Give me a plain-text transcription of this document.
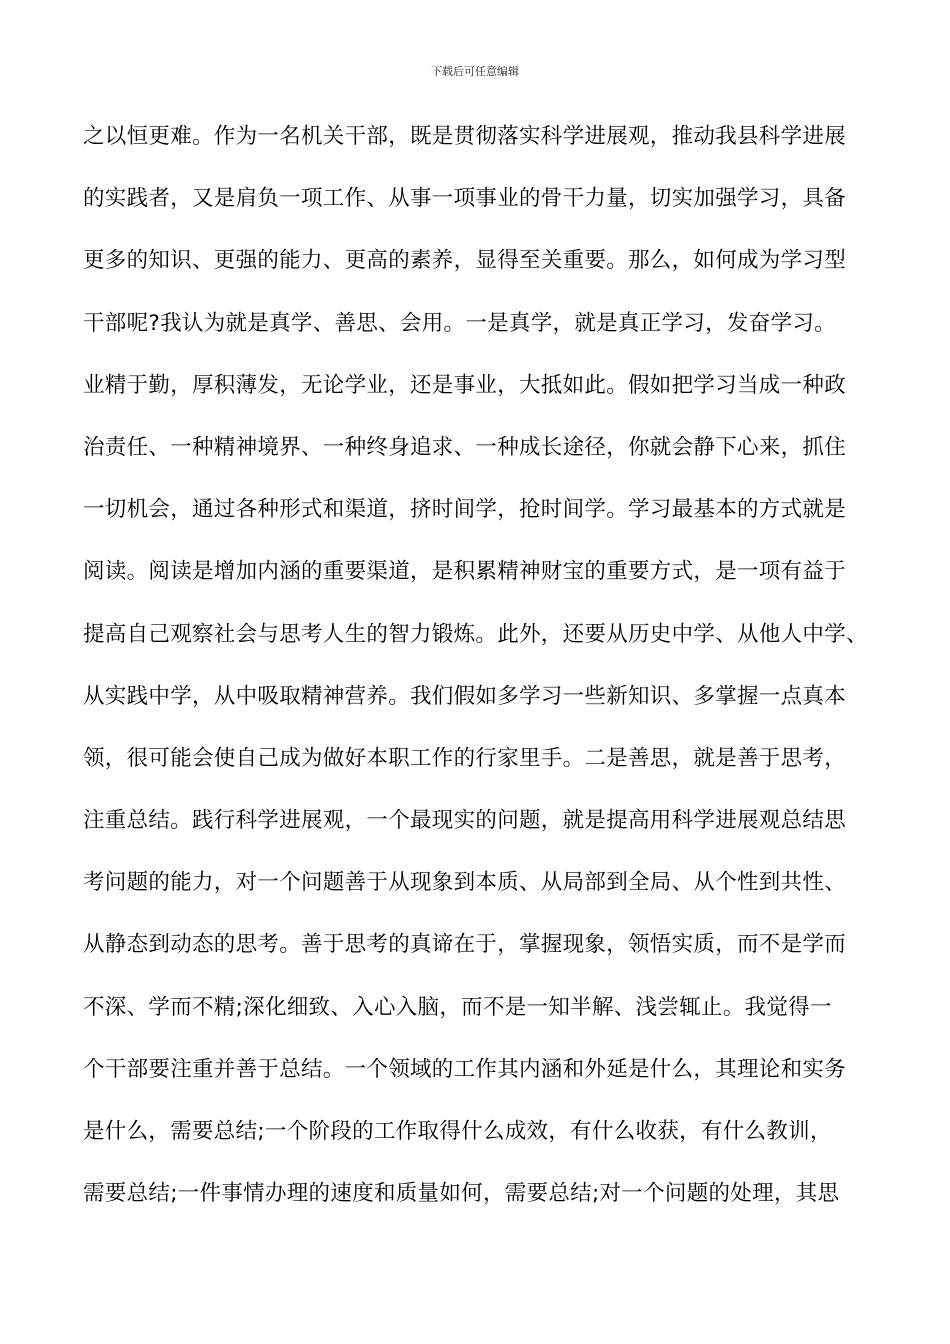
下载后可任意编辑
之以恒更难。作为一名机关干部，既是贯彻落实科学进展观，推动我县科学进展
的实践者，又是肩负一项工作、从事一项事业的骨干力量，切实加强学习，具备
更多的知识、更强的能力、更高的素养，显得至关重要。那么，如何成为学习型
干部呢?我认为就是真学、善思、会用。一是真学，就是真正学习，发奋学习。
业精于勤，厚积薄发，无论学业，还是事业，大抵如此。假如把学习当成一种政
治责任、一种精神境界、一种终身追求、一种成长途径，你就会静下心来，抓住
一切机会，通过各种形式和渠道，挤时间学，抢时间学。学习最基本的方式就是
阅读。阅读是增加内涵的重要渠道，是积累精神财宝的重要方式，是一项有益于
提高自己观察社会与思考人生的智力锻炼。此外，还要从历史中学、从他人中学、
从实践中学，从中吸取精神营养。我们假如多学习一些新知识、多掌握一点真本
领，很可能会使自己成为做好本职工作的行家里手。二是善思，就是善于思考，
注重总结。践行科学进展观，一个最现实的问题，就是提高用科学进展观总结思
考问题的能力，对一个问题善于从现象到本质、从局部到全局、从个性到共性、
从静态到动态的思考。善于思考的真谛在于，掌握现象，领悟实质，而不是学而
不深、学而不精;深化细致、入心入脑，而不是一知半解、浅尝辄止。我觉得一
个干部要注重并善于总结。一个领域的工作其内涵和外延是什么，其理论和实务
是什么，需要总结;一个阶段的工作取得什么成效，有什么收获，有什么教训，
需要总结;一件事情办理的速度和质量如何，需要总结;对一个问题的处理，其思
